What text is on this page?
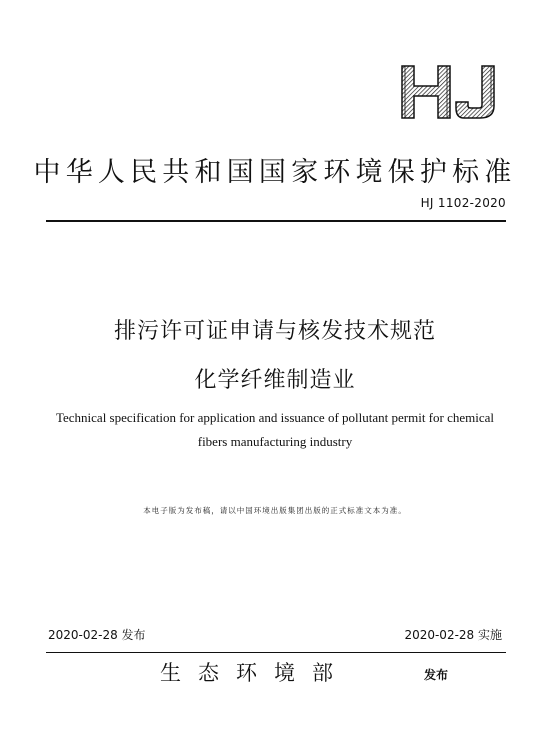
中华人民共和国国家环境保护标准
HJ 1102-2020
排污许可证申请与核发技术规范
化学纤维制造业
Technical specification for application and issuance of pollutant permit for chemical fibers manufacturing industry
本电子版为发布稿，请以中国环境出版集团出版的正式标准文本为准。
2020-02-28 发布	2020-02-28 实施
生态环境部	发布
